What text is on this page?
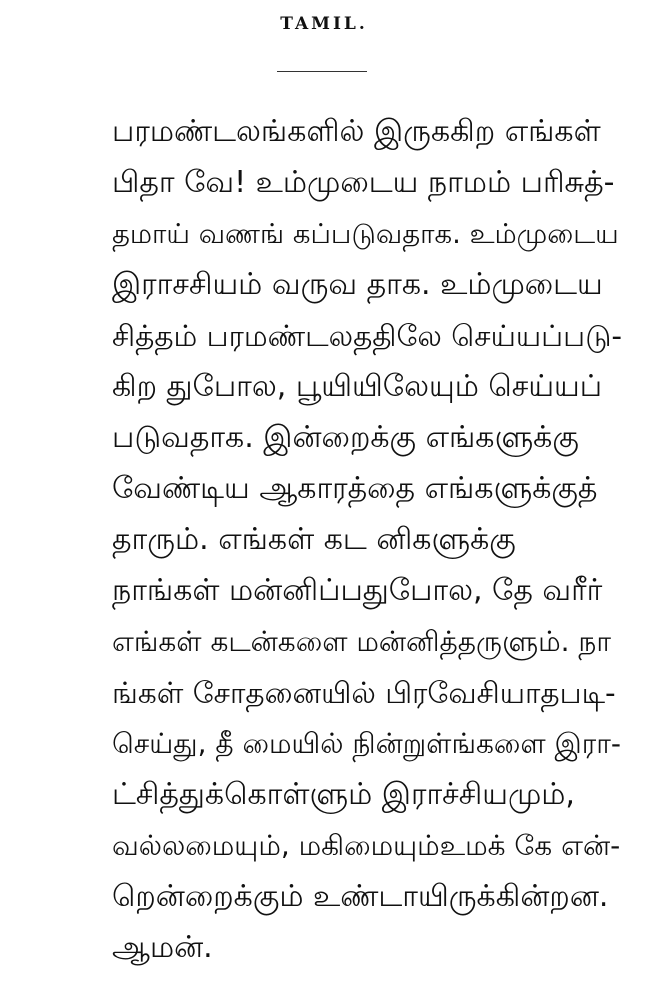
TAMIL.
பரமண்டலங்களில் இருககிற எங்கள்
பிதா வே! உம்முடைய நாமம் பரிசுத்-
தமாய் வணங் கப்படுவதாக. உம்முடைய
இராசசியம் வருவ தாக. உம்முடைய
சித்தம் பரமண்டலததிலே செய்யப்படு-
கிற துபோல, பூயியிலேயும் செய்யப்
படுவதாக. இன்றைக்கு எங்களுக்கு
வேண்டிய ஆகாரத்தை எங்களுக்குத்
தாரும். எங்கள் கட னிகளுக்கு
நாங்கள் மன்னிப்பதுபோல, தே வரீர்
எங்கள் கடன்களை மன்னித்தருளும். நா
ங்கள் சோதனையில் பிரவேசியாதபடி-
செய்து, தீ மையில் நின்றுள்ங்களை இரா-
ட்சித்துக்கொள்ளும் இராச்சியமும்,
வல்லமையும், மகிமையும்உமக் கே என்-
றென்றைக்கும் உண்டாயிருக்கின்றன.
ஆமன்.
